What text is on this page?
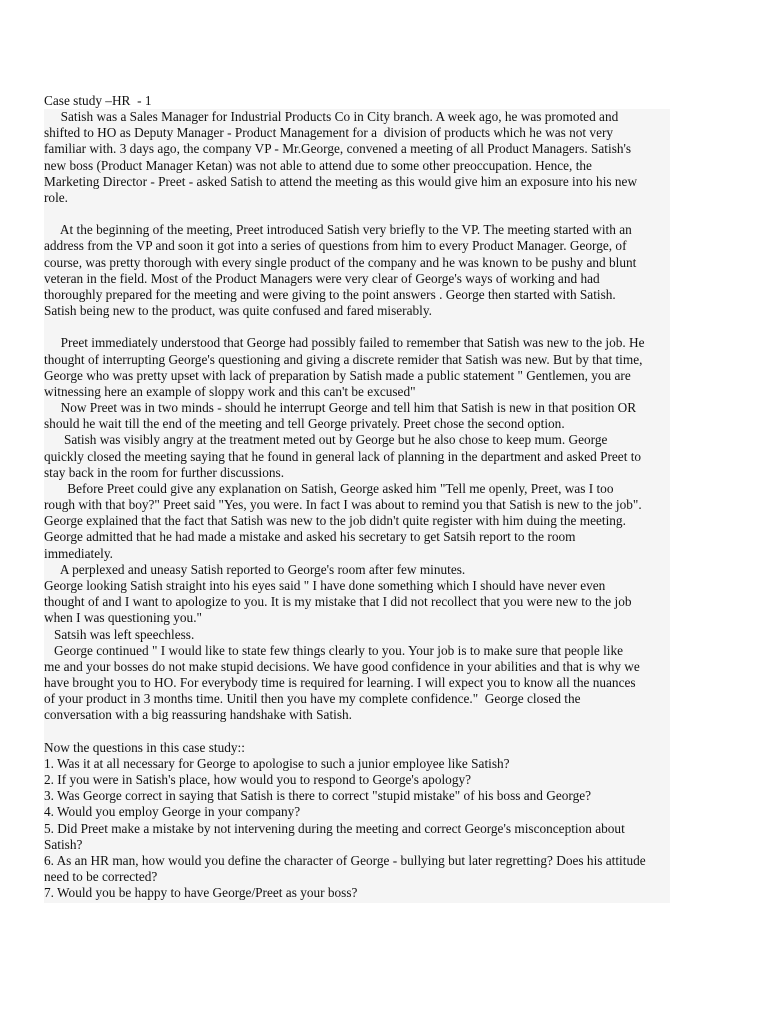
Case study –HR  - 1
Satish was a Sales Manager for Industrial Products Co in City branch. A week ago, he was promoted and
shifted to HO as Deputy Manager - Product Management for a  division of products which he was not very
familiar with. 3 days ago, the company VP - Mr.George, convened a meeting of all Product Managers. Satish's
new boss (Product Manager Ketan) was not able to attend due to some other preoccupation. Hence, the
Marketing Director - Preet - asked Satish to attend the meeting as this would give him an exposure into his new
role.
At the beginning of the meeting, Preet introduced Satish very briefly to the VP. The meeting started with an
address from the VP and soon it got into a series of questions from him to every Product Manager. George, of
course, was pretty thorough with every single product of the company and he was known to be pushy and blunt
veteran in the field. Most of the Product Managers were very clear of George's ways of working and had
thoroughly prepared for the meeting and were giving to the point answers . George then started with Satish.
Satish being new to the product, was quite confused and fared miserably.
Preet immediately understood that George had possibly failed to remember that Satish was new to the job. He
thought of interrupting George's questioning and giving a discrete remider that Satish was new. But by that time,
George who was pretty upset with lack of preparation by Satish made a public statement " Gentlemen, you are
witnessing here an example of sloppy work and this can't be excused"
Now Preet was in two minds - should he interrupt George and tell him that Satish is new in that position OR
should he wait till the end of the meeting and tell George privately. Preet chose the second option.
Satish was visibly angry at the treatment meted out by George but he also chose to keep mum. George
quickly closed the meeting saying that he found in general lack of planning in the department and asked Preet to
stay back in the room for further discussions.
Before Preet could give any explanation on Satish, George asked him "Tell me openly, Preet, was I too
rough with that boy?" Preet said "Yes, you were. In fact I was about to remind you that Satish is new to the job".
George explained that the fact that Satish was new to the job didn't quite register with him duing the meeting.
George admitted that he had made a mistake and asked his secretary to get Satsih report to the room
immediately.
A perplexed and uneasy Satish reported to George's room after few minutes.
George looking Satish straight into his eyes said " I have done something which I should have never even
thought of and I want to apologize to you. It is my mistake that I did not recollect that you were new to the job
when I was questioning you."
Satsih was left speechless.
George continued " I would like to state few things clearly to you. Your job is to make sure that people like
me and your bosses do not make stupid decisions. We have good confidence in your abilities and that is why we
have brought you to HO. For everybody time is required for learning. I will expect you to know all the nuances
of your product in 3 months time. Unitil then you have my complete confidence."  George closed the
conversation with a big reassuring handshake with Satish.
Now the questions in this case study::
1. Was it at all necessary for George to apologise to such a junior employee like Satish?
2. If you were in Satish's place, how would you to respond to George's apology?
3. Was George correct in saying that Satish is there to correct "stupid mistake" of his boss and George?
4. Would you employ George in your company?
5. Did Preet make a mistake by not intervening during the meeting and correct George's misconception about
Satish?
6. As an HR man, how would you define the character of George - bullying but later regretting? Does his attitude
need to be corrected?
7. Would you be happy to have George/Preet as your boss?
